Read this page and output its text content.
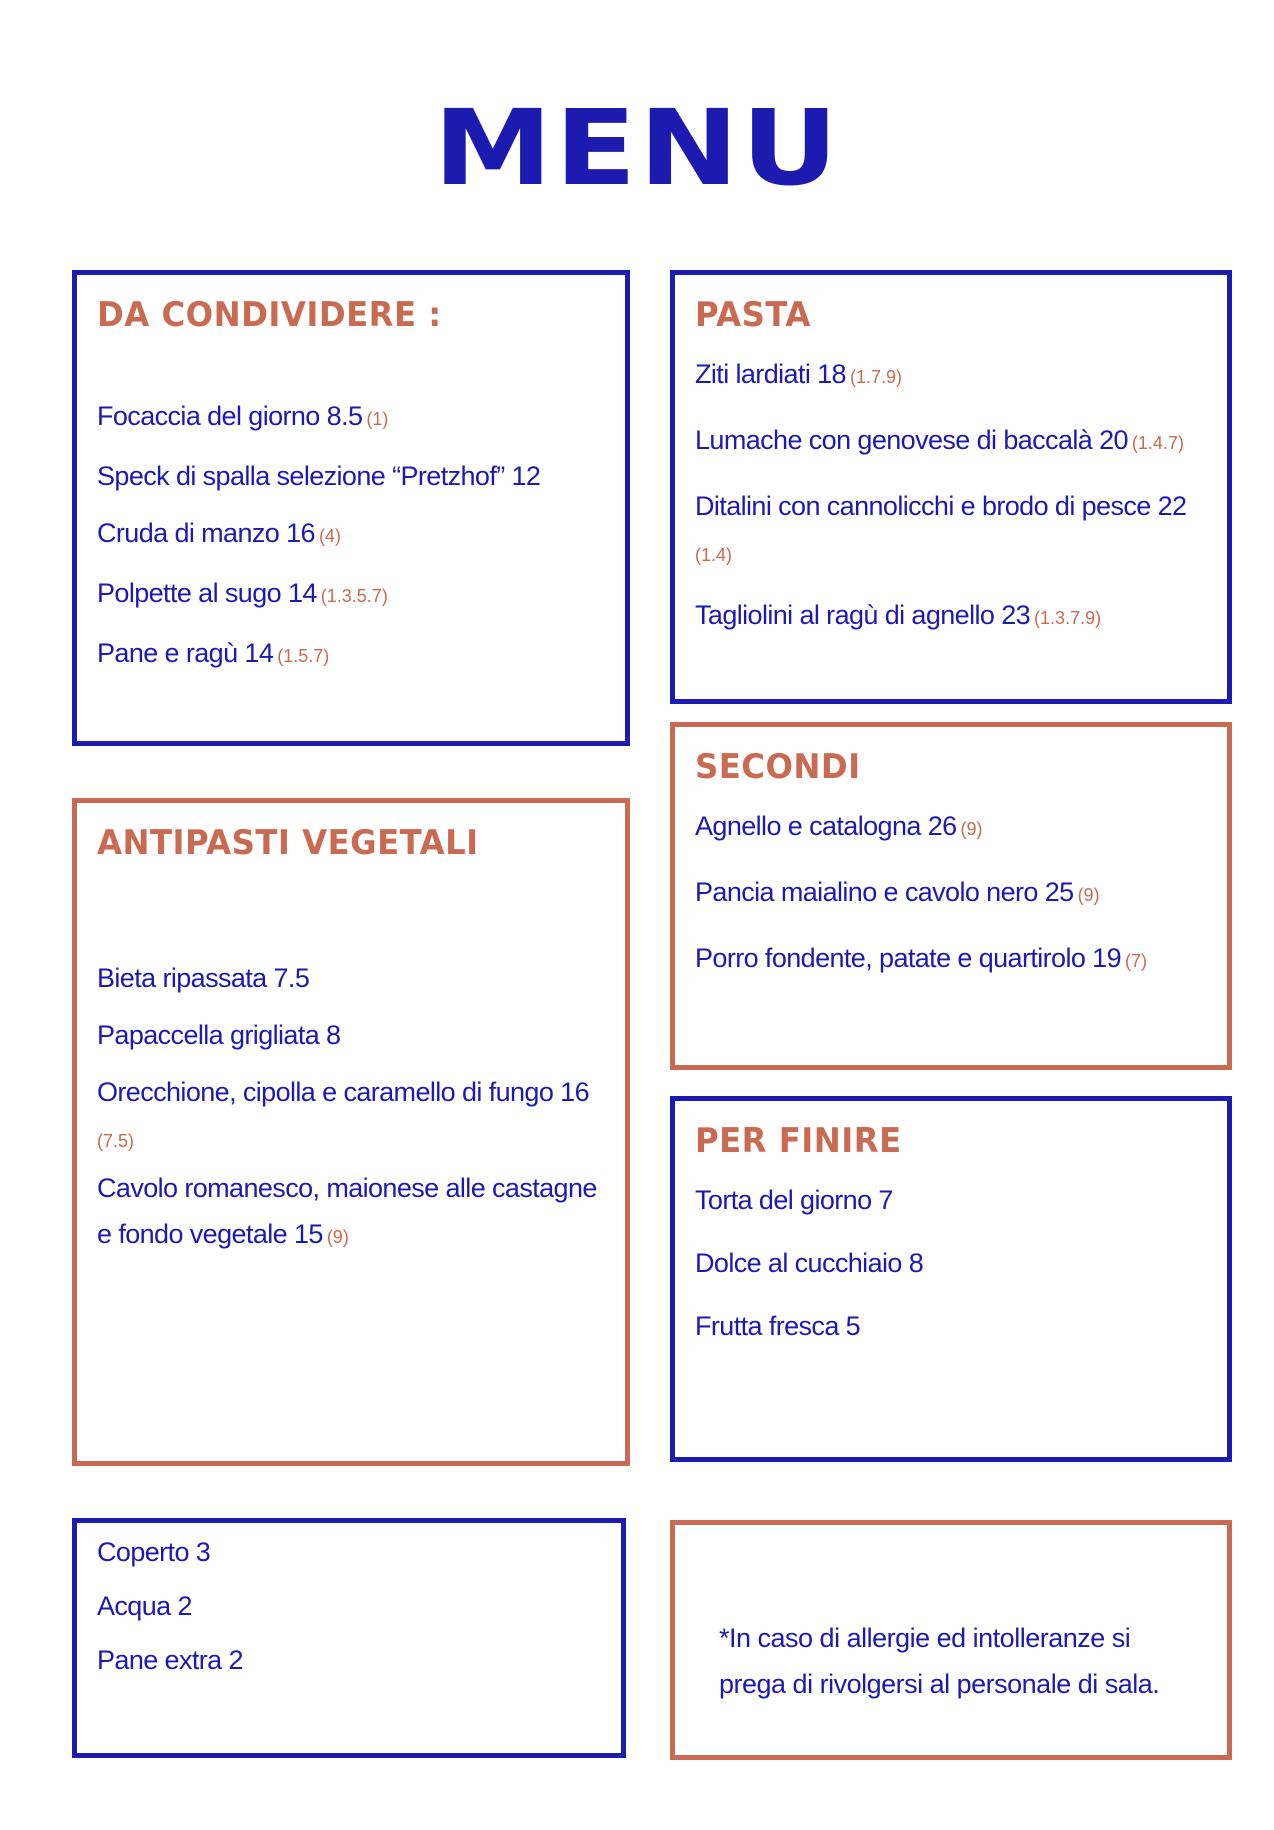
MENU
DA CONDIVIDERE :
Focaccia del giorno 8.5 (1)
Speck di spalla selezione “Pretzhof” 12
Cruda di manzo 16 (4)
Polpette al sugo 14 (1.3.5.7)
Pane e ragù 14 (1.5.7)
ANTIPASTI VEGETALI
Bieta ripassata 7.5
Papaccella grigliata 8
Orecchione, cipolla e caramello di fungo 16
(7.5)
Cavolo romanesco, maionese alle castagne e fondo vegetale 15 (9)
PASTA
Ziti lardiati 18 (1.7.9)
Lumache con genovese di baccalà 20 (1.4.7)
Ditalini con cannolicchi e brodo di pesce 22
(1.4)
Tagliolini al ragù di agnello 23 (1.3.7.9)
SECONDI
Agnello e catalogna 26 (9)
Pancia maialino e cavolo nero 25 (9)
Porro fondente, patate e quartirolo 19 (7)
PER FINIRE
Torta del giorno 7
Dolce al cucchiaio 8
Frutta fresca 5
Coperto 3
Acqua 2
Pane extra 2
*In caso di allergie ed intolleranze si prega di rivolgersi al personale di sala.
